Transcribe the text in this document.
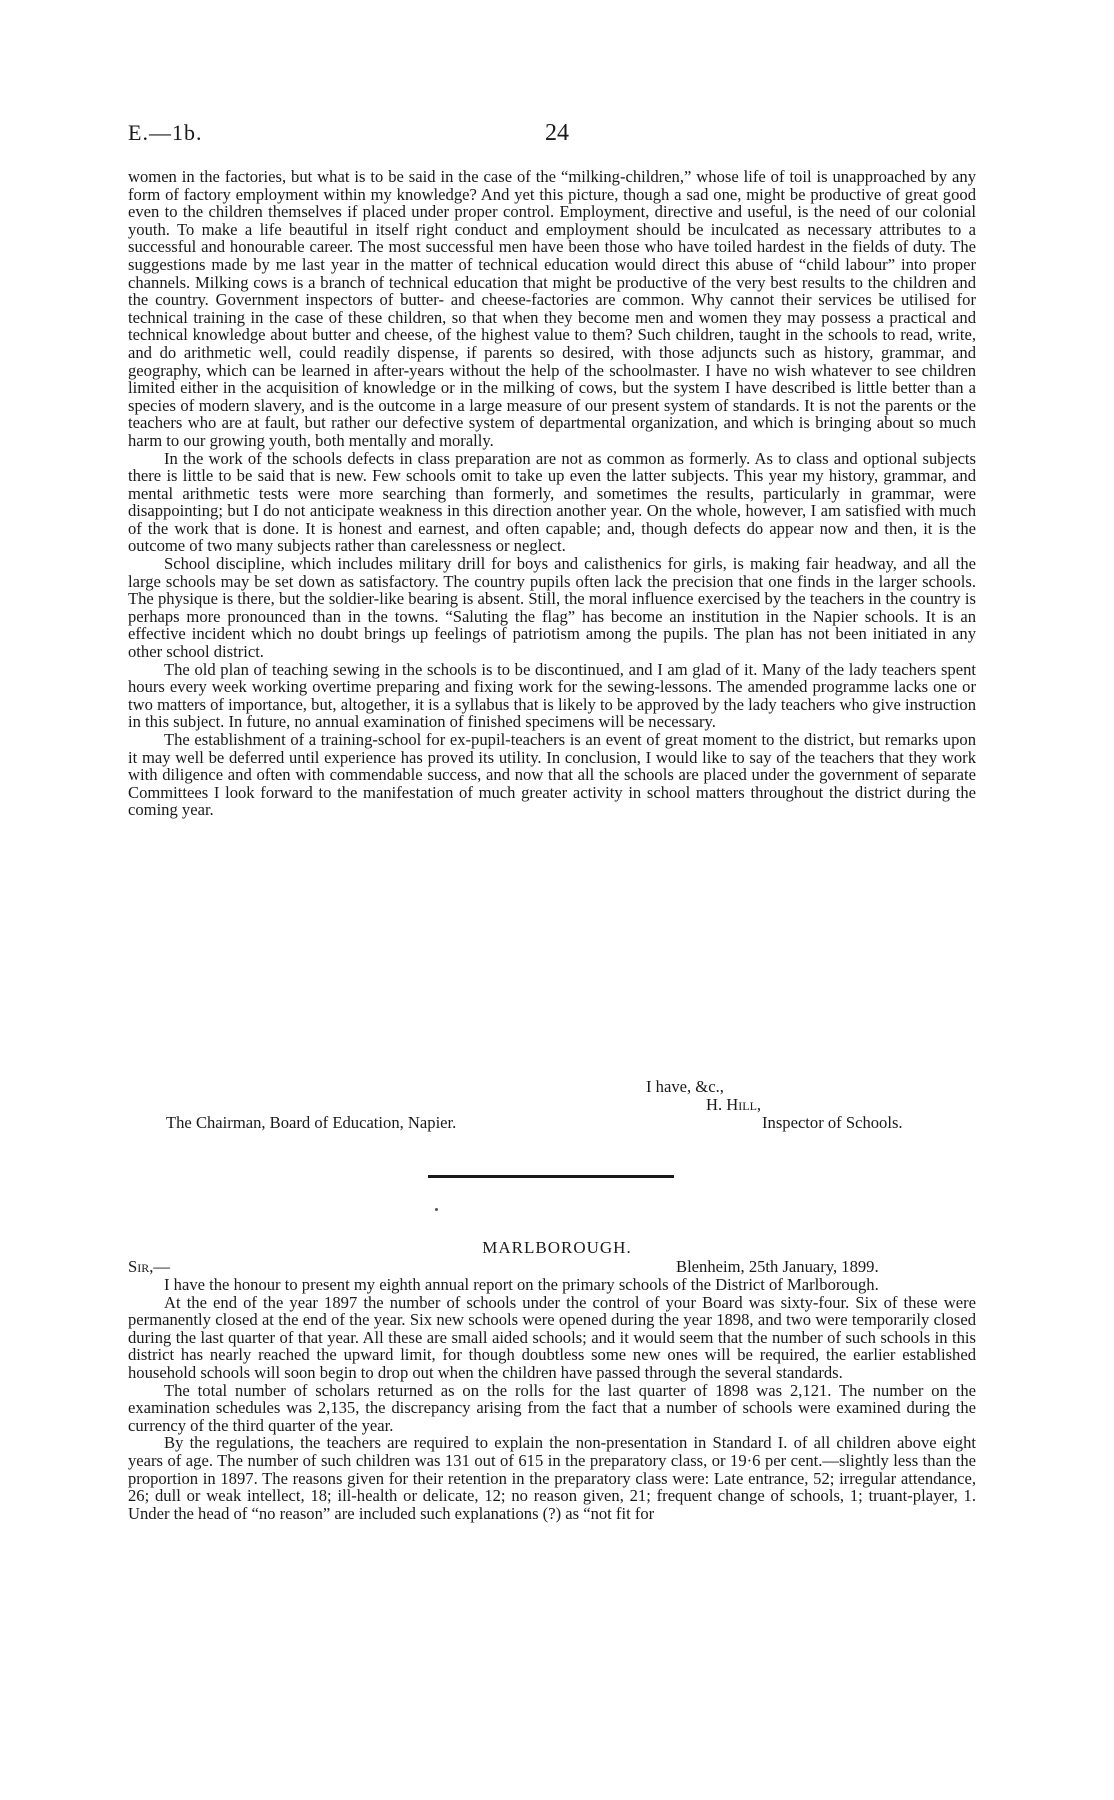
E.—1b.	24

women in the factories, but what is to be said in the case of the “milking-children,” whose life of toil is unapproached by any form of factory employment within my knowledge? And yet this picture, though a sad one, might be productive of great good even to the children themselves if placed under proper control. Employment, directive and useful, is the need of our colonial youth. To make a life beautiful in itself right conduct and employment should be inculcated as necessary attributes to a successful and honourable career. The most successful men have been those who have toiled hardest in the fields of duty. The suggestions made by me last year in the matter of technical education would direct this abuse of “child labour” into proper channels. Milking cows is a branch of technical education that might be productive of the very best results to the children and the country. Government inspectors of butter- and cheese-factories are common. Why cannot their services be utilised for technical training in the case of these children, so that when they become men and women they may possess a practical and technical knowledge about butter and cheese, of the highest value to them? Such children, taught in the schools to read, write, and do arithmetic well, could readily dispense, if parents so desired, with those adjuncts such as history, grammar, and geography, which can be learned in after-years without the help of the schoolmaster. I have no wish whatever to see children limited either in the acquisition of knowledge or in the milking of cows, but the system I have described is little better than a species of modern slavery, and is the outcome in a large measure of our present system of standards. It is not the parents or the teachers who are at fault, but rather our defective system of departmental organization, and which is bringing about so much harm to our growing youth, both mentally and morally.

In the work of the schools defects in class preparation are not as common as formerly. As to class and optional subjects there is little to be said that is new. Few schools omit to take up even the latter subjects. This year my history, grammar, and mental arithmetic tests were more searching than formerly, and sometimes the results, particularly in grammar, were disappointing; but I do not anticipate weakness in this direction another year. On the whole, however, I am satisfied with much of the work that is done. It is honest and earnest, and often capable; and, though defects do appear now and then, it is the outcome of two many subjects rather than carelessness or neglect.

School discipline, which includes military drill for boys and calisthenics for girls, is making fair headway, and all the large schools may be set down as satisfactory. The country pupils often lack the precision that one finds in the larger schools. The physique is there, but the soldier-like bearing is absent. Still, the moral influence exercised by the teachers in the country is perhaps more pronounced than in the towns. “Saluting the flag” has become an institution in the Napier schools. It is an effective incident which no doubt brings up feelings of patriotism among the pupils. The plan has not been initiated in any other school district.

The old plan of teaching sewing in the schools is to be discontinued, and I am glad of it. Many of the lady teachers spent hours every week working overtime preparing and fixing work for the sewing-lessons. The amended programme lacks one or two matters of importance, but, altogether, it is a syllabus that is likely to be approved by the lady teachers who give instruction in this subject. In future, no annual examination of finished specimens will be necessary.

The establishment of a training-school for ex-pupil-teachers is an event of great moment to the district, but remarks upon it may well be deferred until experience has proved its utility. In conclusion, I would like to say of the teachers that they work with diligence and often with commendable success, and now that all the schools are placed under the government of separate Committees I look forward to the manifestation of much greater activity in school matters throughout the district during the coming year.

I have, &c.,
H. Hill,
The Chairman, Board of Education, Napier.	Inspector of Schools.
MARLBOROUGH.
Sir,—	Blenheim, 25th January, 1899.

I have the honour to present my eighth annual report on the primary schools of the District of Marlborough.

At the end of the year 1897 the number of schools under the control of your Board was sixty-four. Six of these were permanently closed at the end of the year. Six new schools were opened during the year 1898, and two were temporarily closed during the last quarter of that year. All these are small aided schools; and it would seem that the number of such schools in this district has nearly reached the upward limit, for though doubtless some new ones will be required, the earlier established household schools will soon begin to drop out when the children have passed through the several standards.

The total number of scholars returned as on the rolls for the last quarter of 1898 was 2,121. The number on the examination schedules was 2,135, the discrepancy arising from the fact that a number of schools were examined during the currency of the third quarter of the year.

By the regulations, the teachers are required to explain the non-presentation in Standard I. of all children above eight years of age. The number of such children was 131 out of 615 in the preparatory class, or 19·6 per cent.—slightly less than the proportion in 1897. The reasons given for their retention in the preparatory class were: Late entrance, 52; irregular attendance, 26; dull or weak intellect, 18; ill-health or delicate, 12; no reason given, 21; frequent change of schools, 1; truant-player, 1. Under the head of “no reason” are included such explanations (?) as “not fit for
